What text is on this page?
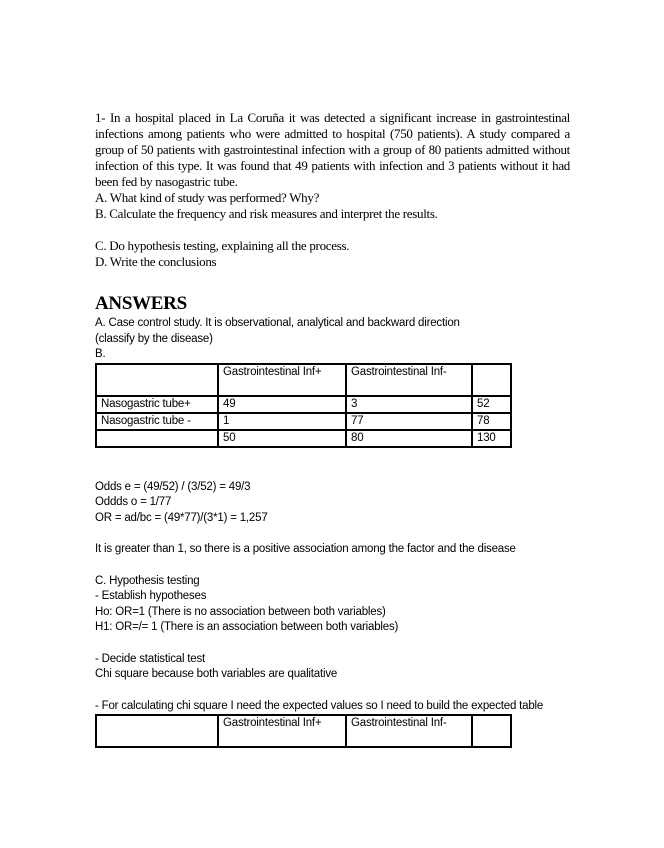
1- In a hospital placed in La Coruña it was detected a significant increase in gastrointestinal infections among patients who were admitted to hospital (750 patients). A study compared a group of 50 patients with gastrointestinal infection with a group of 80 patients admitted without infection of this type. It was found that 49 patients with infection and 3 patients without it had been fed by nasogastric tube.

A. What kind of study was performed? Why?

B. Calculate the frequency and risk measures and interpret the results.

C. Do hypothesis testing, explaining all the process.

D. Write the conclusions

ANSWERS

A. Case control study. It is observational, analytical and backward direction

(classify by the disease)

B.

	Gastrointestinal Inf+	Gastrointestinal Inf-	
Nasogastric tube+	49	3	52
Nasogastric tube -	1	77	78
	50	80	130

Odds e = (49/52) / (3/52) = 49/3

Oddds o = 1/77

OR = ad/bc = (49*77)/(3*1) = 1,257

It is greater than 1, so there is a positive association among the factor and the disease

C. Hypothesis testing

- Establish hypotheses

Ho: OR=1 (There is no association between both variables)

H1: OR=/= 1 (There is an association between both variables)

- Decide statistical test

Chi square because both variables are qualitative

- For calculating chi square I need the expected values so I need to build the expected table

	Gastrointestinal Inf+	Gastrointestinal Inf-	
